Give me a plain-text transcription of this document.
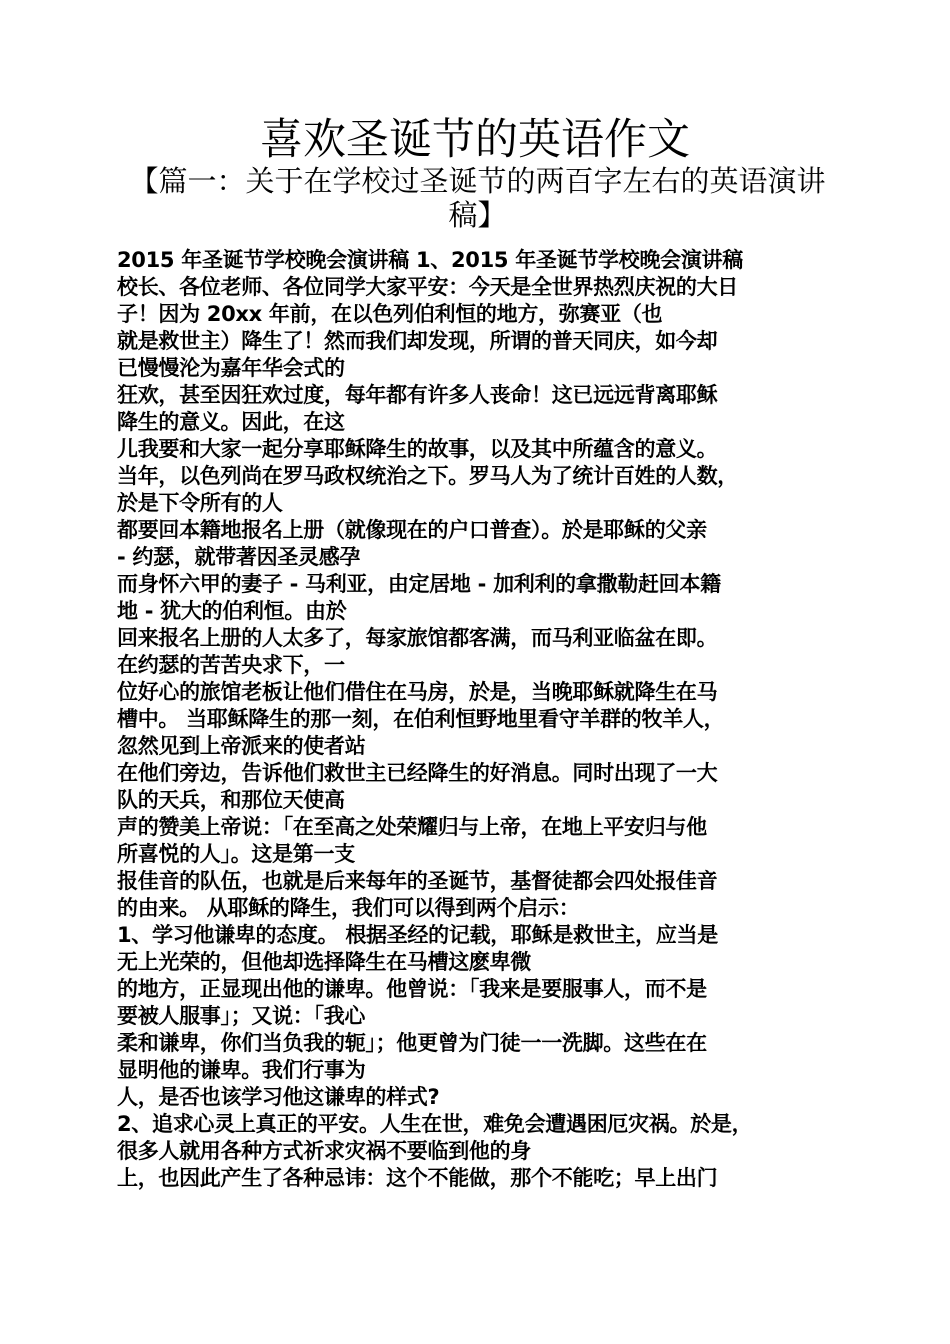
喜欢圣诞节的英语作文
【篇一：关于在学校过圣诞节的两百字左右的英语演讲
稿】
2015 年圣诞节学校晚会演讲稿 1、2015 年圣诞节学校晚会演讲稿
校长、各位老师、各位同学大家平安：今天是全世界热烈庆祝的大日
子！因为 20xx 年前，在以色列伯利恒的地方，弥赛亚（也
就是救世主）降生了！然而我们却发现，所谓的普天同庆，如今却
已慢慢沦为嘉年华会式的
狂欢，甚至因狂欢过度，每年都有许多人丧命！这已远远背离耶稣
降生的意义。因此，在这
儿我要和大家一起分享耶稣降生的故事，以及其中所蕴含的意义。
当年，以色列尚在罗马政权统治之下。罗马人为了统计百姓的人数，
於是下令所有的人
都要回本籍地报名上册（就像现在的户口普查）。於是耶稣的父亲
- 约瑟，就带著因圣灵感孕
而身怀六甲的妻子 - 马利亚，由定居地 - 加利利的拿撒勒赶回本籍
地 - 犹大的伯利恒。由於
回来报名上册的人太多了，每家旅馆都客满，而马利亚临盆在即。
在约瑟的苦苦央求下，一
位好心的旅馆老板让他们借住在马房，於是，当晚耶稣就降生在马
槽中。 当耶稣降生的那一刻，在伯利恒野地里看守羊群的牧羊人，
忽然见到上帝派来的使者站
在他们旁边，告诉他们救世主已经降生的好消息。同时出现了一大
队的天兵，和那位天使高
声的赞美上帝说：「在至高之处荣耀归与上帝，在地上平安归与他
所喜悦的人」。这是第一支
报佳音的队伍，也就是后来每年的圣诞节，基督徒都会四处报佳音
的由来。 从耶稣的降生，我们可以得到两个启示：
1、学习他谦卑的态度。 根据圣经的记载，耶稣是救世主，应当是
无上光荣的，但他却选择降生在马槽这麽卑微
的地方，正显现出他的谦卑。他曾说：「我来是要服事人，而不是
要被人服事」；又说：「我心
柔和谦卑，你们当负我的轭」；他更曾为门徒一一洗脚。这些在在
显明他的谦卑。我们行事为
人，是否也该学习他这谦卑的样式?
2、追求心灵上真正的平安。人生在世，难免会遭遇困厄灾祸。於是，
很多人就用各种方式祈求灾祸不要临到他的身
上，也因此产生了各种忌讳：这个不能做，那个不能吃；早上出门
